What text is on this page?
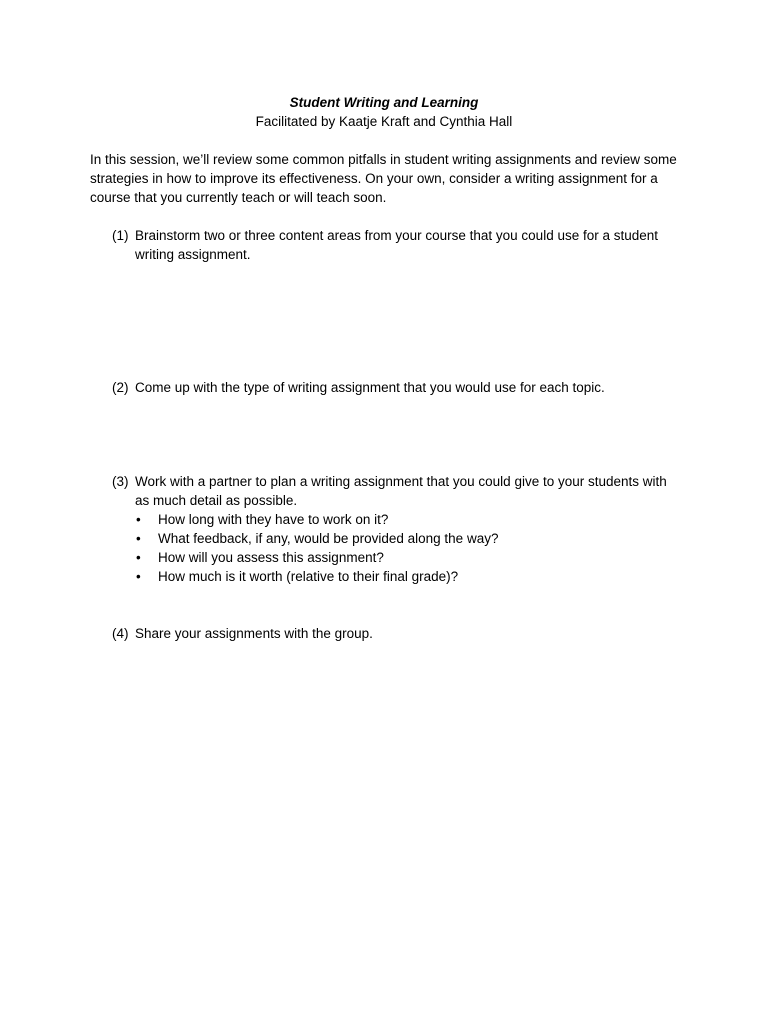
Student Writing and Learning
Facilitated by Kaatje Kraft and Cynthia Hall
In this session, we’ll review some common pitfalls in student writing assignments and review some strategies in how to improve its effectiveness. On your own, consider a writing assignment for a course that you currently teach or will teach soon.
(1) Brainstorm two or three content areas from your course that you could use for a student writing assignment.
(2) Come up with the type of writing assignment that you would use for each topic.
(3) Work with a partner to plan a writing assignment that you could give to your students with as much detail as possible.
• How long with they have to work on it?
• What feedback, if any, would be provided along the way?
• How will you assess this assignment?
• How much is it worth (relative to their final grade)?
(4) Share your assignments with the group.
